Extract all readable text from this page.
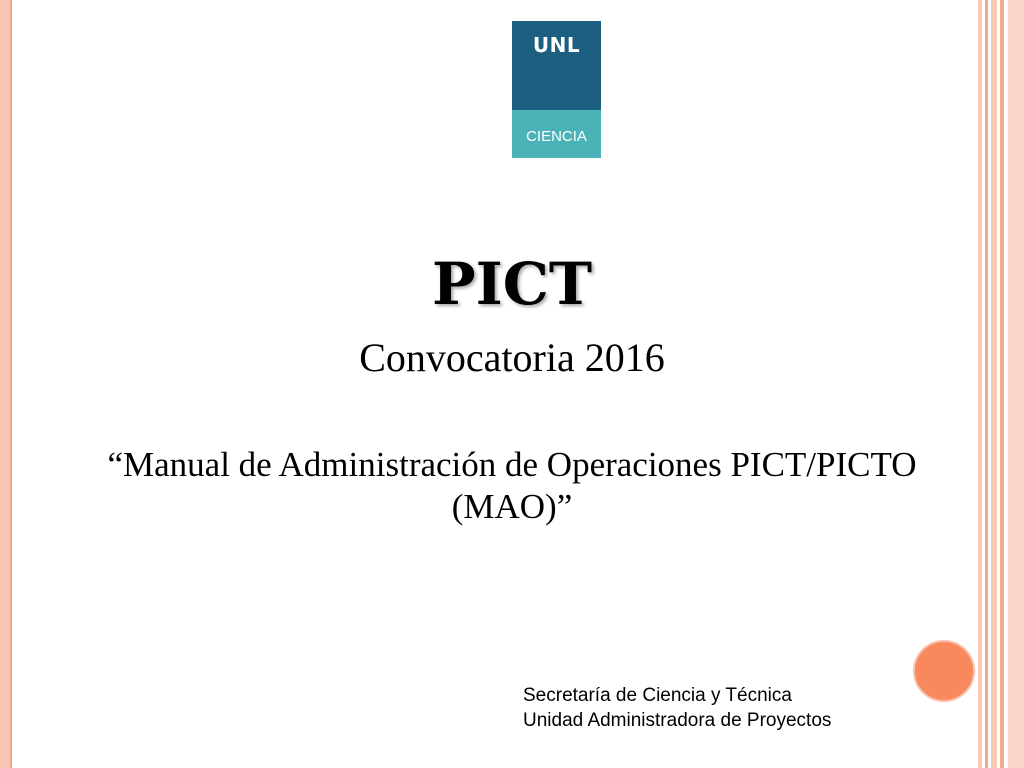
UNL
CIENCIA
PICT
Convocatoria 2016
“Manual de Administración de Operaciones PICT/PICTO
(MAO)”
Secretaría de Ciencia y Técnica
Unidad Administradora de Proyectos
